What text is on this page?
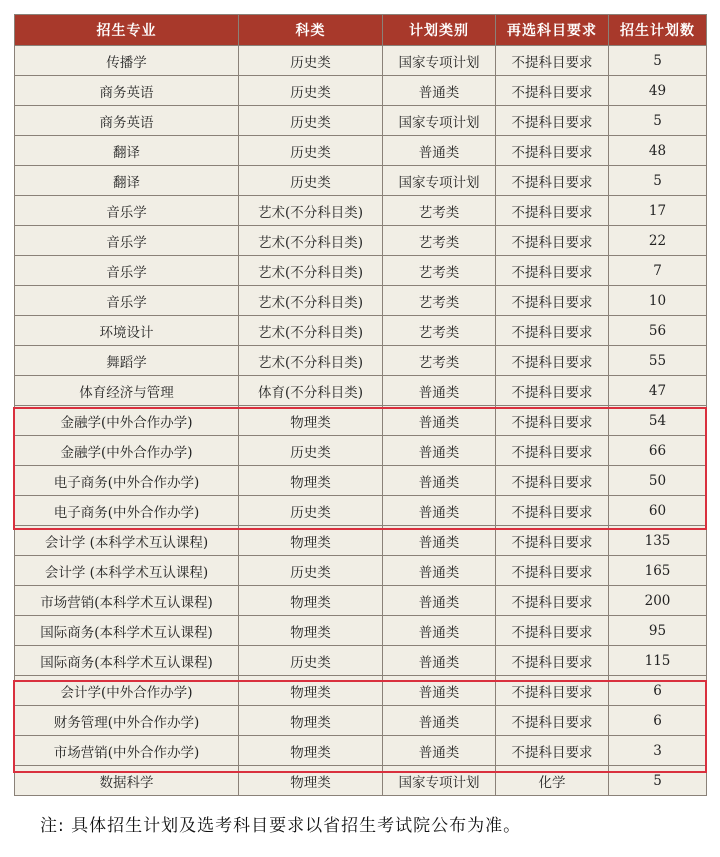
招生专业	科类	计划类别	再选科目要求	招生计划数
传播学	历史类	国家专项计划	不提科目要求	5
商务英语	历史类	普通类	不提科目要求	49
商务英语	历史类	国家专项计划	不提科目要求	5
翻译	历史类	普通类	不提科目要求	48
翻译	历史类	国家专项计划	不提科目要求	5
音乐学	艺术(不分科目类)	艺考类	不提科目要求	17
音乐学	艺术(不分科目类)	艺考类	不提科目要求	22
音乐学	艺术(不分科目类)	艺考类	不提科目要求	7
音乐学	艺术(不分科目类)	艺考类	不提科目要求	10
环境设计	艺术(不分科目类)	艺考类	不提科目要求	56
舞蹈学	艺术(不分科目类)	艺考类	不提科目要求	55
体育经济与管理	体育(不分科目类)	普通类	不提科目要求	47
金融学(中外合作办学)	物理类	普通类	不提科目要求	54
金融学(中外合作办学)	历史类	普通类	不提科目要求	66
电子商务(中外合作办学)	物理类	普通类	不提科目要求	50
电子商务(中外合作办学)	历史类	普通类	不提科目要求	60
会计学 (本科学术互认课程)	物理类	普通类	不提科目要求	135
会计学 (本科学术互认课程)	历史类	普通类	不提科目要求	165
市场营销(本科学术互认课程)	物理类	普通类	不提科目要求	200
国际商务(本科学术互认课程)	物理类	普通类	不提科目要求	95
国际商务(本科学术互认课程)	历史类	普通类	不提科目要求	115
会计学(中外合作办学)	物理类	普通类	不提科目要求	6
财务管理(中外合作办学)	物理类	普通类	不提科目要求	6
市场营销(中外合作办学)	物理类	普通类	不提科目要求	3
数据科学	物理类	国家专项计划	化学	5
注: 具体招生计划及选考科目要求以省招生考试院公布为准。
